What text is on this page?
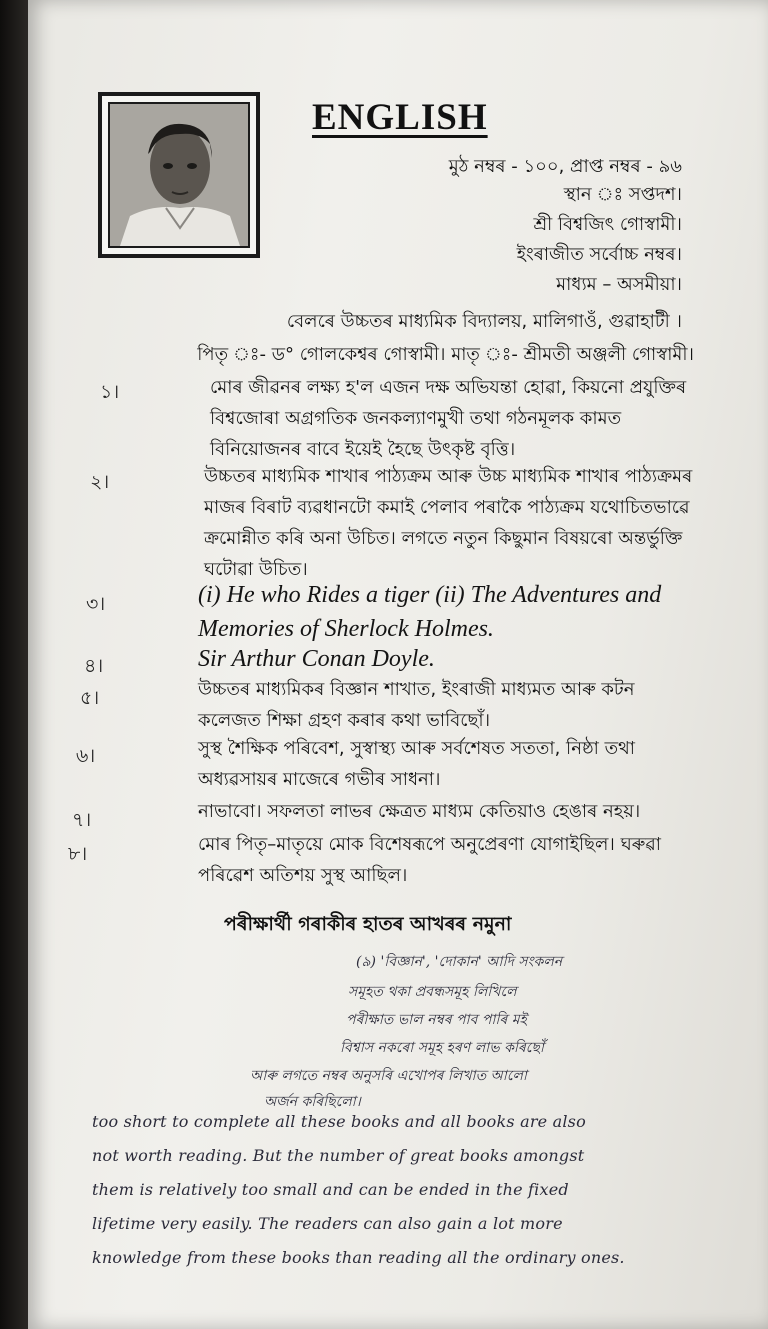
ENGLISH
মুঠ নম্বৰ - ১০০, প্ৰাপ্ত নম্বৰ - ৯৬
স্থান ঃ সপ্তদশ।
শ্ৰী বিশ্বজিৎ গোস্বামী।
ইংৰাজীত সৰ্বোচ্চ নম্বৰ।
মাধ্যম – অসমীয়া।
বেলৰে উচ্চতৰ মাধ্যমিক বিদ্যালয়, মালিগাওঁ, গুৱাহাটী ।
পিতৃ ঃ- ড° গোলকেশ্বৰ গোস্বামী। মাতৃ ঃ- শ্ৰীমতী অঞ্জলী গোস্বামী।
১।	মোৰ জীৱনৰ লক্ষ্য হ'ল এজন দক্ষ অভিযন্তা হোৱা, কিয়নো প্ৰযুক্তিৰ বিশ্বজোৰা অগ্ৰগতিক জনকল্যাণমুখী তথা গঠনমূলক কামত বিনিয়োজনৰ বাবে ইয়েই হৈছে উৎকৃষ্ট বৃত্তি।
২।	উচ্চতৰ মাধ্যমিক শাখাৰ পাঠ্যক্ৰম আৰু উচ্চ মাধ্যমিক শাখাৰ পাঠ্যক্ৰমৰ মাজৰ বিৰাট ব্যৱধানটো কমাই পেলাব পৰাকৈ পাঠ্যক্ৰম যথোচিতভাৱে ক্ৰমোন্নীত কৰি অনা উচিত। লগতে নতুন কিছুমান বিষয়ৰো অন্তৰ্ভুক্তি ঘটোৱা উচিত।
৩।	(i) He who Rides a tiger (ii) The Adventures and Memories of Sherlock Holmes.
৪।	Sir Arthur Conan Doyle.
৫।	উচ্চতৰ মাধ্যমিকৰ বিজ্ঞান শাখাত, ইংৰাজী মাধ্যমত আৰু কটন কলেজত শিক্ষা গ্ৰহণ কৰাৰ কথা ভাবিছোঁ।
৬।	সুস্থ শৈক্ষিক পৰিবেশ, সুস্বাস্থ্য আৰু সৰ্বশেষত সততা, নিষ্ঠা তথা অধ্যৱসায়ৰ মাজেৰে গভীৰ সাধনা।
৭।	নাভাবো। সফলতা লাভৰ ক্ষেত্ৰত মাধ্যম কেতিয়াও হেঙাৰ নহয়।
৮।	মোৰ পিতৃ–মাতৃয়ে মোক বিশেষৰূপে অনুপ্ৰেৰণা যোগাইছিল। ঘৰুৱা পৰিৱেশ অতিশয় সুস্থ আছিল।
পৰীক্ষাৰ্থী গৰাকীৰ হাতৰ আখৰৰ নমুনা
(৯) 'বিজ্ঞান', 'দোকান' আদি সংকলন
সমূহত থকা প্ৰবন্ধসমূহ লিখিলে
পৰীক্ষাত ভাল নম্বৰ পাব পাৰি মই
বিশ্বাস নকৰো সমূহ হৰণ লাভ কৰিছোঁ
আৰু লগতে নম্বৰ অনুসৰি এখোপৰ লিখাত আলো
অৰ্জন কৰিছিলো।
too short to complete all these books and all books are also
not worth reading. But the number of great books amongst
them is relatively too small and can be ended in the fixed
lifetime very easily. The readers can also gain a lot more
knowledge from these books than reading all the ordinary ones.
